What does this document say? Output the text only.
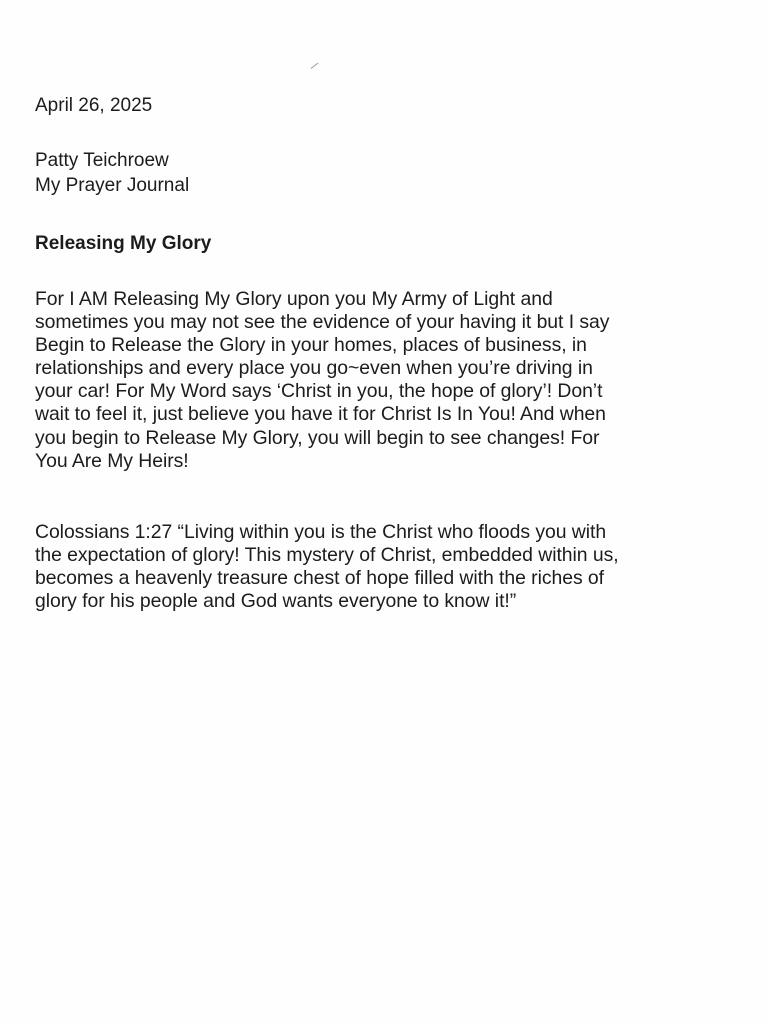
April 26, 2025

Patty Teichroew
My Prayer Journal
Releasing My Glory

For I AM Releasing My Glory upon you My Army of Light and
sometimes you may not see the evidence of your having it but I say
Begin to Release the Glory in your homes, places of business, in
relationships and every place you go~even when you’re driving in
your car! For My Word says ‘Christ in you, the hope of glory’! Don’t
wait to feel it, just believe you have it for Christ Is In You! And when
you begin to Release My Glory, you will begin to see changes! For
You Are My Heirs!

Colossians 1:27 “Living within you is the Christ who floods you with
the expectation of glory! This mystery of Christ, embedded within us,
becomes a heavenly treasure chest of hope filled with the riches of
glory for his people and God wants everyone to know it!”
